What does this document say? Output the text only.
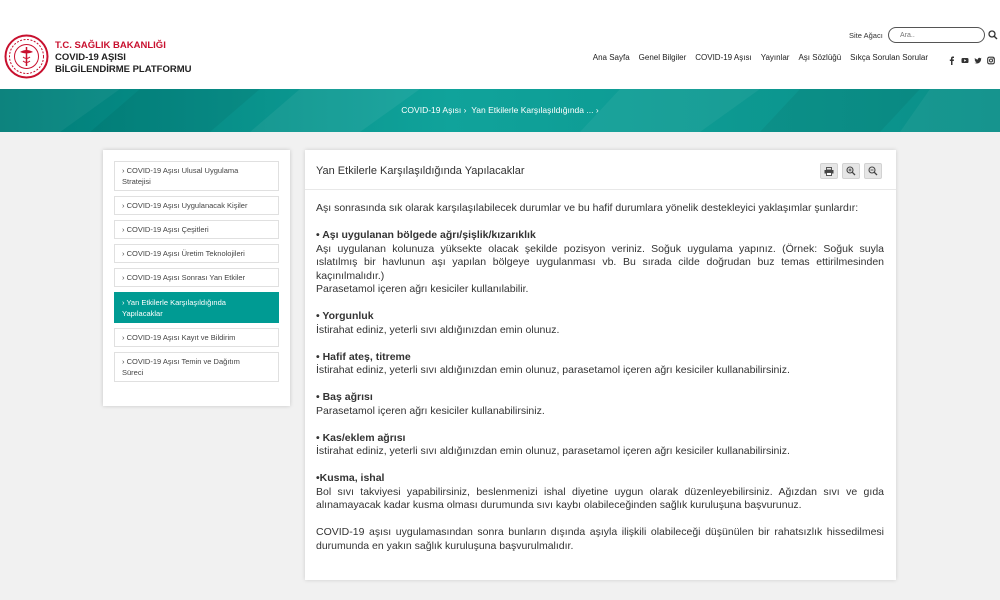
T.C. SAĞLIK BAKANLIĞI
COVID-19 AŞISI
BİLGİLENDİRME PLATFORMU
Site Ağacı
Ara..
Ana Sayfa Genel Bilgiler COVID-19 Aşısı Yayınlar Aşı Sözlüğü Sıkça Sorulan Sorular
COVID-19 Aşısı › Yan Etkilerle Karşılaşıldığında ... ›
› COVID-19 Aşısı Ulusal Uygulama
Stratejisi
› COVID-19 Aşısı Uygulanacak Kişiler
› COVID-19 Aşısı Çeşitleri
› COVID-19 Aşısı Üretim Teknolojileri
› COVID-19 Aşısı Sonrası Yan Etkiler
› Yan Etkilerle Karşılaşıldığında
Yapılacaklar
› COVID-19 Aşısı Kayıt ve Bildirim
› COVID-19 Aşısı Temin ve Dağıtım
Süreci
Yan Etkilerle Karşılaşıldığında Yapılacaklar

Aşı sonrasında sık olarak karşılaşılabilecek durumlar ve bu hafif durumlara yönelik destekleyici yaklaşımlar şunlardır:

• Aşı uygulanan bölgede ağrı/şişlik/kızarıklık

Aşı uygulanan kolunuza yüksekte olacak şekilde pozisyon veriniz. Soğuk uygulama yapınız. (Örnek: Soğuk suyla ıslatılmış bir havlunun aşı yapılan bölgeye uygulanması vb. Bu sırada cilde doğrudan buz temas ettirilmesinden kaçınılmalıdır.)

Parasetamol içeren ağrı kesiciler kullanılabilir.

• Yorgunluk

İstirahat ediniz, yeterli sıvı aldığınızdan emin olunuz.

• Hafif ateş, titreme

İstirahat ediniz, yeterli sıvı aldığınızdan emin olunuz, parasetamol içeren ağrı kesiciler kullanabilirsiniz.

• Baş ağrısı

Parasetamol içeren ağrı kesiciler kullanabilirsiniz.

• Kas/eklem ağrısı

İstirahat ediniz, yeterli sıvı aldığınızdan emin olunuz, parasetamol içeren ağrı kesiciler kullanabilirsiniz.

•Kusma, ishal

Bol sıvı takviyesi yapabilirsiniz, beslenmenizi ishal diyetine uygun olarak düzenleyebilirsiniz. Ağızdan sıvı ve gıda alınamayacak kadar kusma olması durumunda sıvı kaybı olabileceğinden sağlık kuruluşuna başvurunuz.

COVID-19 aşısı uygulamasından sonra bunların dışında aşıyla ilişkili olabileceği düşünülen bir rahatsızlık hissedilmesi durumunda en yakın sağlık kuruluşuna başvurulmalıdır.
